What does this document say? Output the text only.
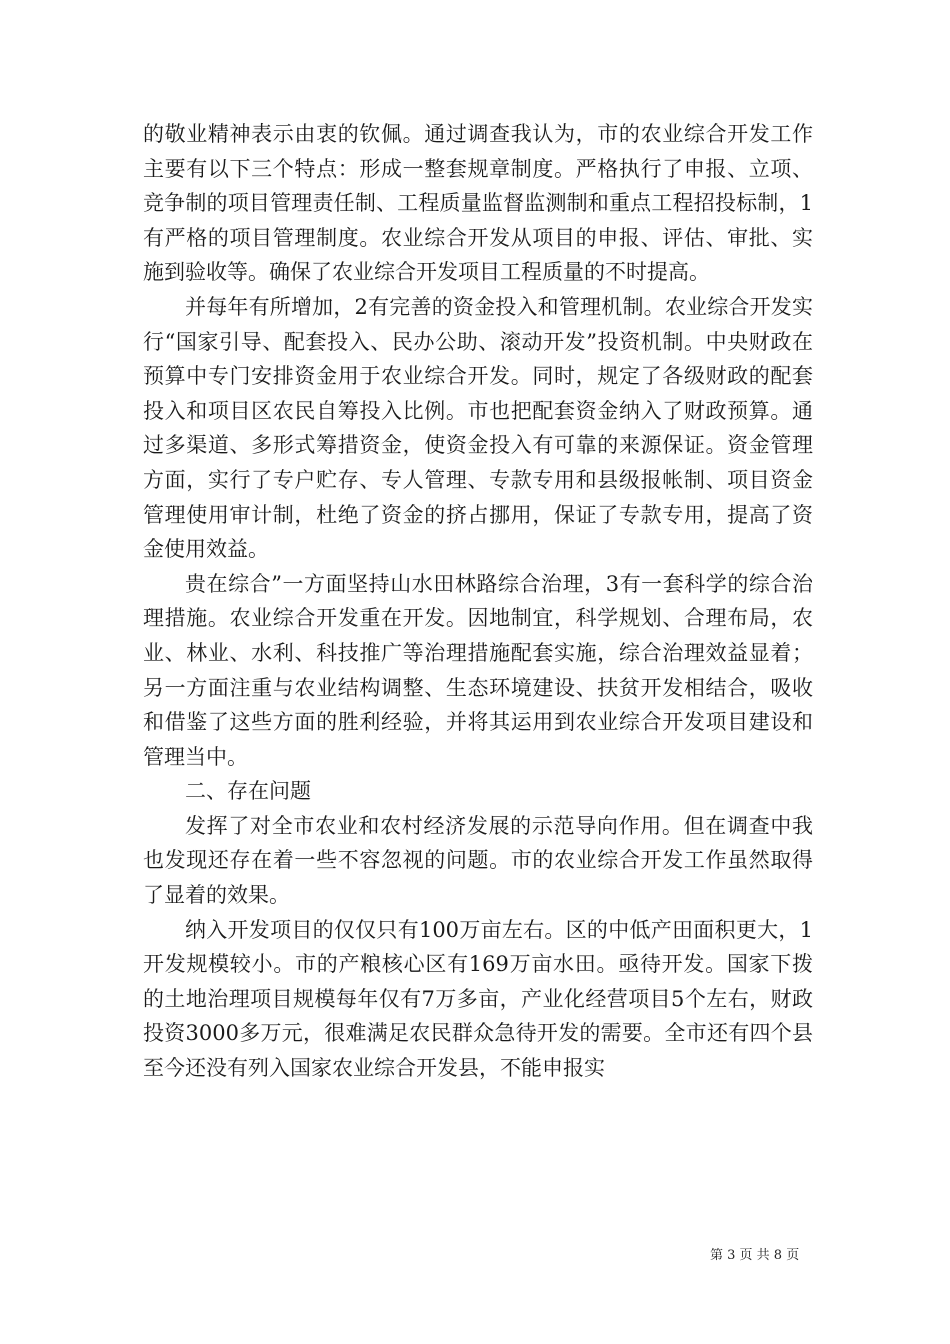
的敬业精神表示由衷的钦佩。通过调查我认为，市的农业综合开发工作主要有以下三个特点：形成一整套规章制度。严格执行了申报、立项、竞争制的项目管理责任制、工程质量监督监测制和重点工程招投标制，1有严格的项目管理制度。农业综合开发从项目的申报、评估、审批、实施到验收等。确保了农业综合开发项目工程质量的不时提高。

并每年有所增加，2有完善的资金投入和管理机制。农业综合开发实行“国家引导、配套投入、民办公助、滚动开发”投资机制。中央财政在预算中专门安排资金用于农业综合开发。同时，规定了各级财政的配套投入和项目区农民自筹投入比例。市也把配套资金纳入了财政预算。通过多渠道、多形式筹措资金，使资金投入有可靠的来源保证。资金管理方面，实行了专户贮存、专人管理、专款专用和县级报帐制、项目资金管理使用审计制，杜绝了资金的挤占挪用，保证了专款专用，提高了资金使用效益。

贵在综合”一方面坚持山水田林路综合治理，3有一套科学的综合治理措施。农业综合开发重在开发。因地制宜，科学规划、合理布局，农业、林业、水利、科技推广等治理措施配套实施，综合治理效益显着；另一方面注重与农业结构调整、生态环境建设、扶贫开发相结合，吸收和借鉴了这些方面的胜利经验，并将其运用到农业综合开发项目建设和管理当中。

二、存在问题

发挥了对全市农业和农村经济发展的示范导向作用。但在调查中我也发现还存在着一些不容忽视的问题。市的农业综合开发工作虽然取得了显着的效果。

纳入开发项目的仅仅只有100万亩左右。区的中低产田面积更大，1开发规模较小。市的产粮核心区有169万亩水田。亟待开发。国家下拨的土地治理项目规模每年仅有7万多亩，产业化经营项目5个左右，财政投资3000多万元，很难满足农民群众急待开发的需要。全市还有四个县至今还没有列入国家农业综合开发县，不能申报实

第 3 页 共 8 页
